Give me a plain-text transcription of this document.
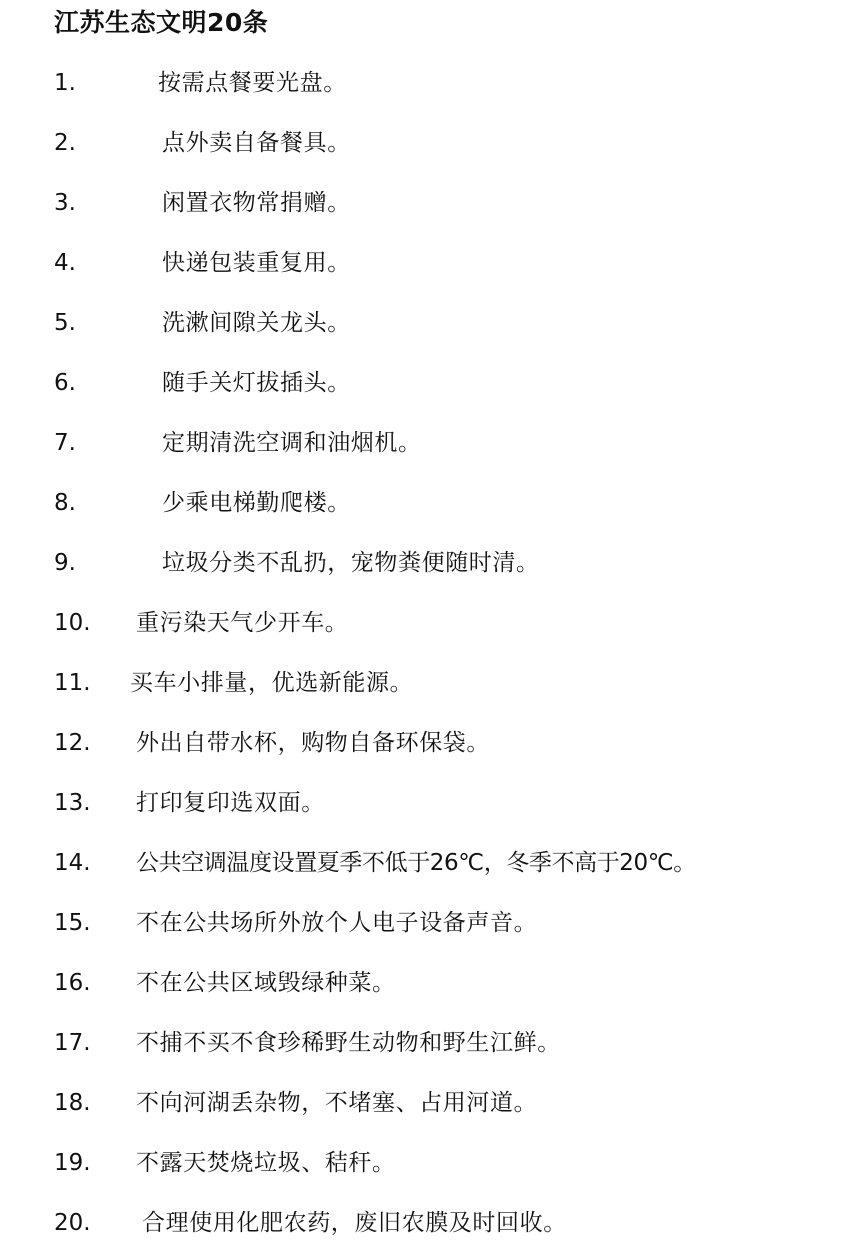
江苏生态文明20条
1.	按需点餐要光盘。
2.	点外卖自备餐具。
3.	闲置衣物常捐赠。
4.	快递包装重复用。
5.	洗漱间隙关龙头。
6.	随手关灯拔插头。
7.	定期清洗空调和油烟机。
8.	少乘电梯勤爬楼。
9.	垃圾分类不乱扔，宠物粪便随时清。
10.	重污染天气少开车。
11.	买车小排量，优选新能源。
12.	外出自带水杯，购物自备环保袋。
13.	打印复印选双面。
14.	公共空调温度设置夏季不低于26℃，冬季不高于20℃。
15.	不在公共场所外放个人电子设备声音。
16.	不在公共区域毁绿种菜。
17.	不捕不买不食珍稀野生动物和野生江鲜。
18.	不向河湖丢杂物，不堵塞、占用河道。
19.	不露天焚烧垃圾、秸秆。
20.	合理使用化肥农药，废旧农膜及时回收。
